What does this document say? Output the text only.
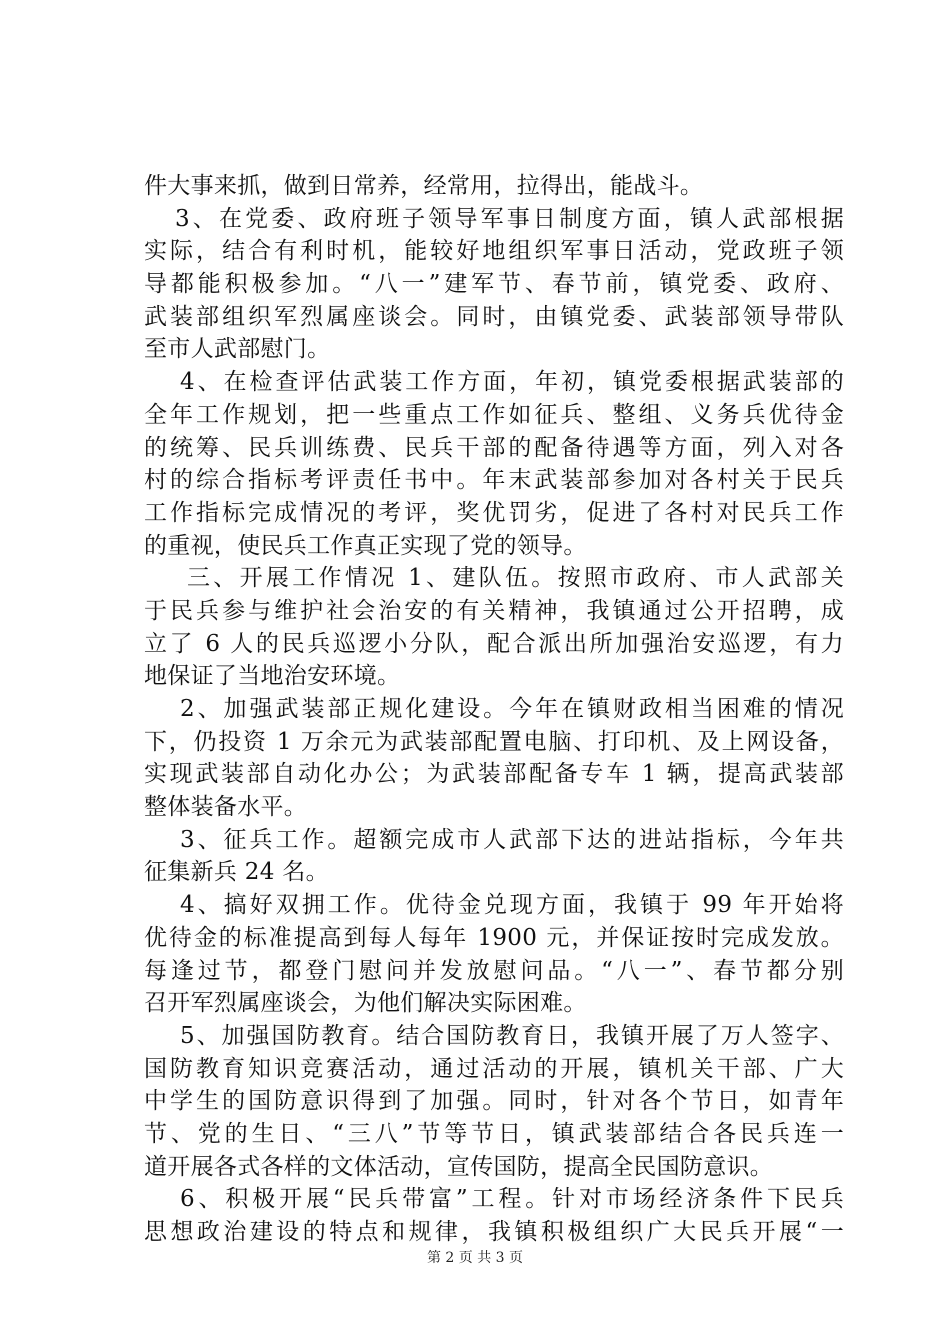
件大事来抓，做到日常养，经常用，拉得出，能战斗。
3、在党委、政府班子领导军事日制度方面，镇人武部根据
实际，结合有利时机，能较好地组织军事日活动，党政班子领
导都能积极参加。“八一”建军节、春节前，镇党委、政府、
武装部组织军烈属座谈会。同时，由镇党委、武装部领导带队
至市人武部慰门。
4、在检查评估武装工作方面，年初，镇党委根据武装部的
全年工作规划，把一些重点工作如征兵、整组、义务兵优待金
的统筹、民兵训练费、民兵干部的配备待遇等方面，列入对各
村的综合指标考评责任书中。年末武装部参加对各村关于民兵
工作指标完成情况的考评，奖优罚劣，促进了各村对民兵工作
的重视，使民兵工作真正实现了党的领导。
三、开展工作情况 1、建队伍。按照市政府、市人武部关
于民兵参与维护社会治安的有关精神，我镇通过公开招聘，成
立了 6 人的民兵巡逻小分队，配合派出所加强治安巡逻，有力
地保证了当地治安环境。
2、加强武装部正规化建设。今年在镇财政相当困难的情况
下，仍投资 1 万余元为武装部配置电脑、打印机、及上网设备，
实现武装部自动化办公；为武装部配备专车 1 辆，提高武装部
整体装备水平。
3、征兵工作。超额完成市人武部下达的进站指标，今年共
征集新兵 24 名。
4、搞好双拥工作。优待金兑现方面，我镇于 99 年开始将
优待金的标准提高到每人每年 1900 元，并保证按时完成发放。
每逢过节，都登门慰问并发放慰问品。“八一”、春节都分别
召开军烈属座谈会，为他们解决实际困难。
5、加强国防教育。结合国防教育日，我镇开展了万人签字、
国防教育知识竞赛活动，通过活动的开展，镇机关干部、广大
中学生的国防意识得到了加强。同时，针对各个节日，如青年
节、党的生日、“三八”节等节日，镇武装部结合各民兵连一
道开展各式各样的文体活动，宣传国防，提高全民国防意识。
6、积极开展“民兵带富”工程。针对市场经济条件下民兵
思想政治建设的特点和规律，我镇积极组织广大民兵开展“一
第 2 页 共 3 页
